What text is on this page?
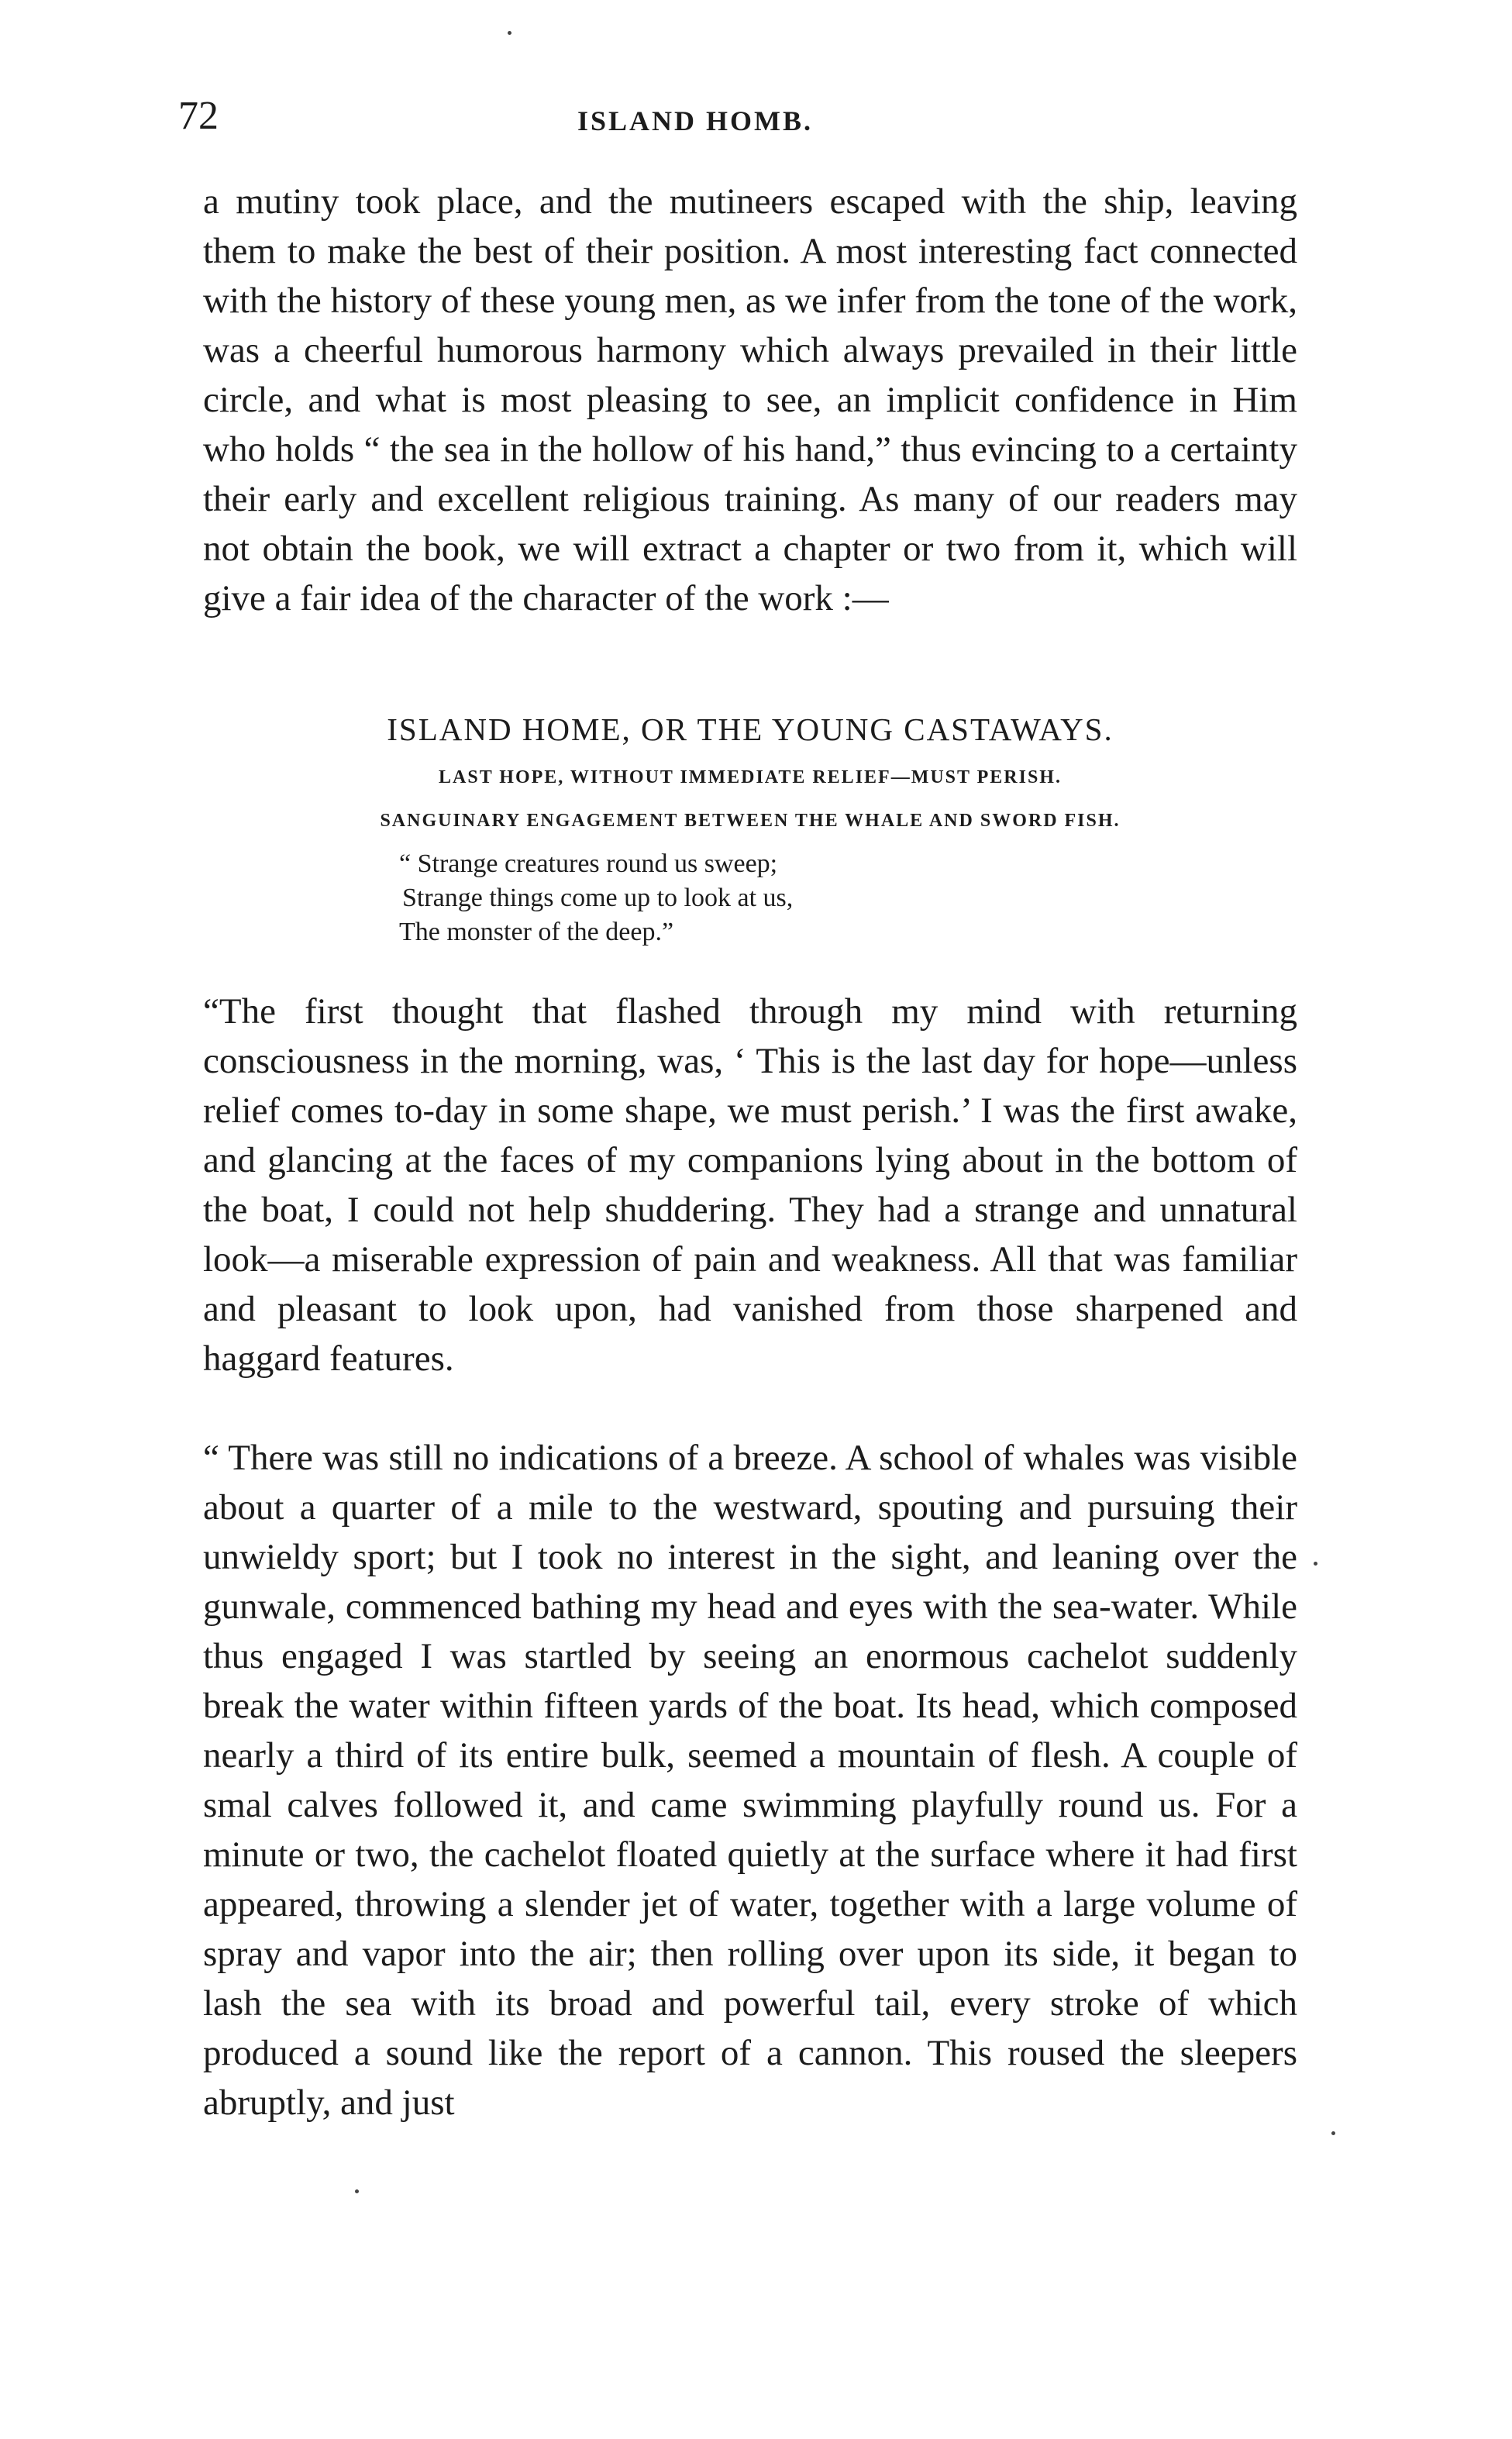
72	ISLAND HOMB.
a mutiny took place, and the mutineers escaped with the ship, leaving them to make the best of their position. A most interesting fact connected with the history of these young men, as we infer from the tone of the work, was a cheerful humorous harmony which always prevailed in their little circle, and what is most pleasing to see, an implicit confidence in Him who holds “ the sea in the hollow of his hand,” thus evincing to a certainty their early and excellent religious training. As many of our readers may not obtain the book, we will extract a chapter or two from it, which will give a fair idea of the character of the work :—
ISLAND HOME, OR THE YOUNG CASTAWAYS.
LAST HOPE, WITHOUT IMMEDIATE RELIEF—MUST PERISH.
SANGUINARY ENGAGEMENT BETWEEN THE WHALE AND SWORD FISH.
“ Strange creatures round us sweep;
Strange things come up to look at us,
The monster of the deep.”
“The first thought that flashed through my mind with returning consciousness in the morning, was, ‘ This is the last day for hope—unless relief comes to-day in some shape, we must perish.’ I was the first awake, and glancing at the faces of my companions lying about in the bottom of the boat, I could not help shuddering. They had a strange and unnatural look—a miserable expression of pain and weakness. All that was familiar and pleasant to look upon, had vanished from those sharpened and haggard features.
“ There was still no indications of a breeze. A school of whales was visible about a quarter of a mile to the westward, spouting and pursuing their unwieldy sport; but I took no interest in the sight, and leaning over the gunwale, commenced bathing my head and eyes with the sea-water. While thus engaged I was startled by seeing an enormous cachelot suddenly break the water within fifteen yards of the boat. Its head, which composed nearly a third of its entire bulk, seemed a mountain of flesh. A couple of smal calves followed it, and came swimming playfully round us. For a minute or two, the cachelot floated quietly at the surface where it had first appeared, throwing a slender jet of water, together with a large volume of spray and vapor into the air; then rolling over upon its side, it began to lash the sea with its broad and powerful tail, every stroke of which produced a sound like the report of a cannon. This roused the sleepers abruptly, and just
